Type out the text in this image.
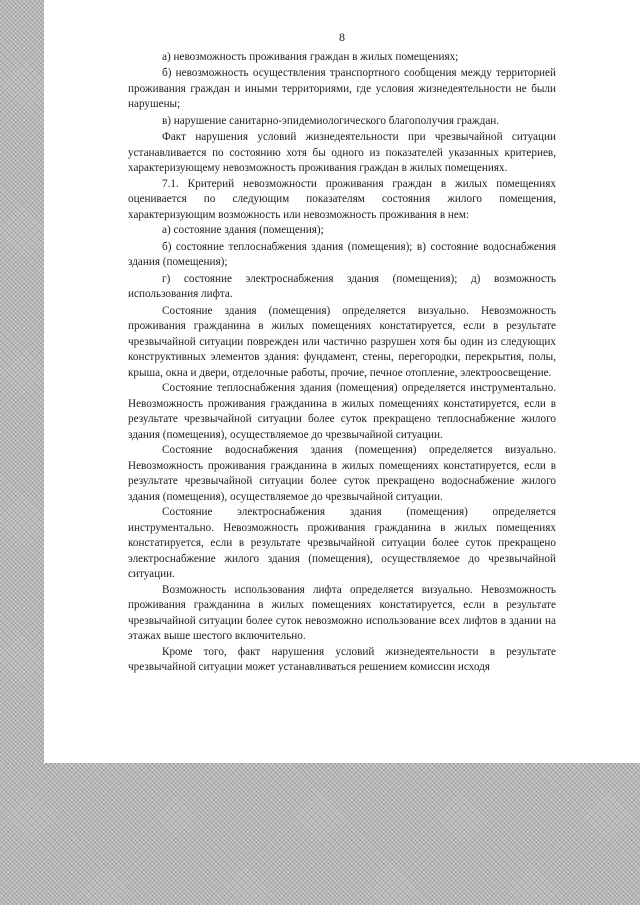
8

а) невозможность проживания граждан в жилых помещениях;

б) невозможность осуществления транспортного сообщения между территорией проживания граждан и иными территориями, где условия жизнедеятельности не были нарушены;

в) нарушение санитарно-эпидемиологического благополучия граждан.

Факт нарушения условий жизнедеятельности при чрезвычайной ситуации устанавливается по состоянию хотя бы одного из показателей указанных критериев, характеризующему невозможность проживания граждан в жилых помещениях.

7.1. Критерий невозможности проживания граждан в жилых помещениях оценивается по следующим показателям состояния жилого помещения, характеризующим возможность или невозможность проживания в нем:

а) состояние здания (помещения);

б) состояние теплоснабжения здания (помещения); в) состояние водоснабжения здания (помещения);

г) состояние электроснабжения здания (помещения); д) возможность использования лифта.

Состояние здания (помещения) определяется визуально. Невозможность проживания гражданина в жилых помещениях констатируется, если в результате чрезвычайной ситуации поврежден или частично разрушен хотя бы один из следующих конструктивных элементов здания: фундамент, стены, перегородки, перекрытия, полы, крыша, окна и двери, отделочные работы, прочие, печное отопление, электроосвещение.

Состояние теплоснабжения здания (помещения) определяется инструментально. Невозможность проживания гражданина в жилых помещениях констатируется, если в результате чрезвычайной ситуации более суток прекращено теплоснабжение жилого здания (помещения), осуществляемое до чрезвычайной ситуации.

Состояние водоснабжения здания (помещения) определяется визуально. Невозможность проживания гражданина в жилых помещениях констатируется, если в результате чрезвычайной ситуации более суток прекращено водоснабжение жилого здания (помещения), осуществляемое до чрезвычайной ситуации.

Состояние электроснабжения здания (помещения) определяется инструментально. Невозможность проживания гражданина в жилых помещениях констатируется, если в результате чрезвычайной ситуации более суток прекращено электроснабжение жилого здания (помещения), осуществляемое до чрезвычайной ситуации.

Возможность использования лифта определяется визуально. Невозможность проживания гражданина в жилых помещениях констатируется, если в результате чрезвычайной ситуации более суток невозможно использование всех лифтов в здании на этажах выше шестого включительно.

Кроме того, факт нарушения условий жизнедеятельности в результате чрезвычайной ситуации может устанавливаться решением комиссии исходя
